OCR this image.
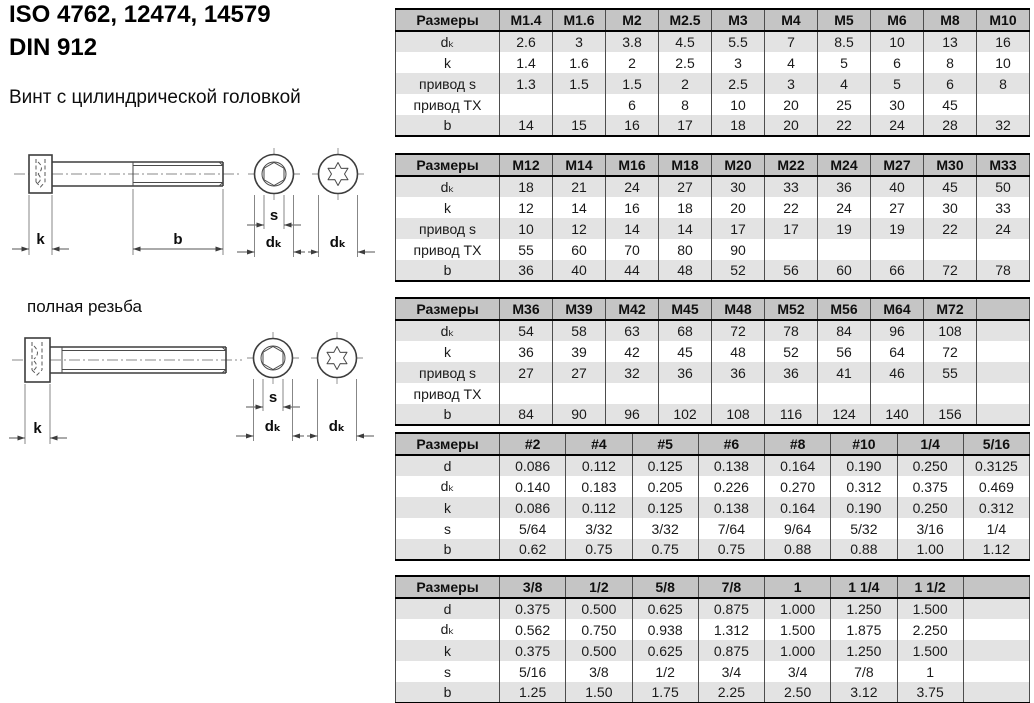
ISO 4762, 12474, 14579
DIN 912
Винт с цилиндрической головкой
k	b
s
dₖ	dₖ
полная резьба
k
s
dₖ	dₖ
Размеры	M1.4	M1.6	M2	M2.5	M3	M4	M5	M6	M8	M10
dₖ	2.6	3	3.8	4.5	5.5	7	8.5	10	13	16
k	1.4	1.6	2	2.5	3	4	5	6	8	10
привод s	1.3	1.5	1.5	2	2.5	3	4	5	6	8
привод TX			6	8	10	20	25	30	45	
b	14	15	16	17	18	20	22	24	28	32
Размеры	M12	M14	M16	M18	M20	M22	M24	M27	M30	M33
dₖ	18	21	24	27	30	33	36	40	45	50
k	12	14	16	18	20	22	24	27	30	33
привод s	10	12	14	14	17	17	19	19	22	24
привод TX	55	60	70	80	90					
b	36	40	44	48	52	56	60	66	72	78
Размеры	M36	M39	M42	M45	M48	M52	M56	M64	M72	
dₖ	54	58	63	68	72	78	84	96	108	
k	36	39	42	45	48	52	56	64	72	
привод s	27	27	32	36	36	36	41	46	55	
привод TX										
b	84	90	96	102	108	116	124	140	156	
Размеры	#2	#4	#5	#6	#8	#10	1/4	5/16
d	0.086	0.112	0.125	0.138	0.164	0.190	0.250	0.3125
dₖ	0.140	0.183	0.205	0.226	0.270	0.312	0.375	0.469
k	0.086	0.112	0.125	0.138	0.164	0.190	0.250	0.312
s	5/64	3/32	3/32	7/64	9/64	5/32	3/16	1/4
b	0.62	0.75	0.75	0.75	0.88	0.88	1.00	1.12
Размеры	3/8	1/2	5/8	7/8	1	1 1/4	1 1/2	
d	0.375	0.500	0.625	0.875	1.000	1.250	1.500	
dₖ	0.562	0.750	0.938	1.312	1.500	1.875	2.250	
k	0.375	0.500	0.625	0.875	1.000	1.250	1.500	
s	5/16	3/8	1/2	3/4	3/4	7/8	1	
b	1.25	1.50	1.75	2.25	2.50	3.12	3.75	
